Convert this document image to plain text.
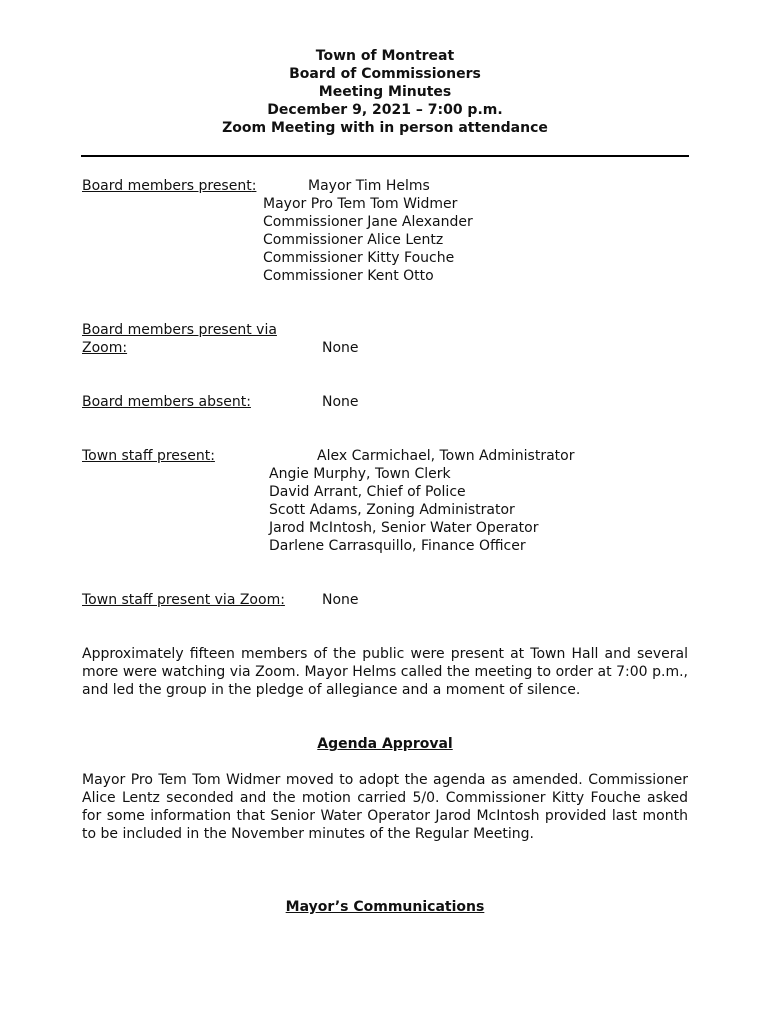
Town of Montreat
Board of Commissioners
Meeting Minutes
December 9, 2021 – 7:00 p.m.
Zoom Meeting with in person attendance
Board members present:	Mayor Tim Helms
Mayor Pro Tem Tom Widmer
Commissioner Jane Alexander
Commissioner Alice Lentz
Commissioner Kitty Fouche
Commissioner Kent Otto
Board members present via
Zoom:	None
Board members absent:	None
Town staff present:	Alex Carmichael, Town Administrator
Angie Murphy, Town Clerk
David Arrant, Chief of Police
Scott Adams, Zoning Administrator
Jarod McIntosh, Senior Water Operator
Darlene Carrasquillo, Finance Officer
Town staff present via Zoom:	None
Approximately fifteen members of the public were present at Town Hall and several more were watching via Zoom. Mayor Helms called the meeting to order at 7:00 p.m., and led the group in the pledge of allegiance and a moment of silence.
Agenda Approval
Mayor Pro Tem Tom Widmer moved to adopt the agenda as amended. Commissioner Alice Lentz seconded and the motion carried 5/0. Commissioner Kitty Fouche asked for some information that Senior Water Operator Jarod McIntosh provided last month to be included in the November minutes of the Regular Meeting.
Mayor’s Communications
